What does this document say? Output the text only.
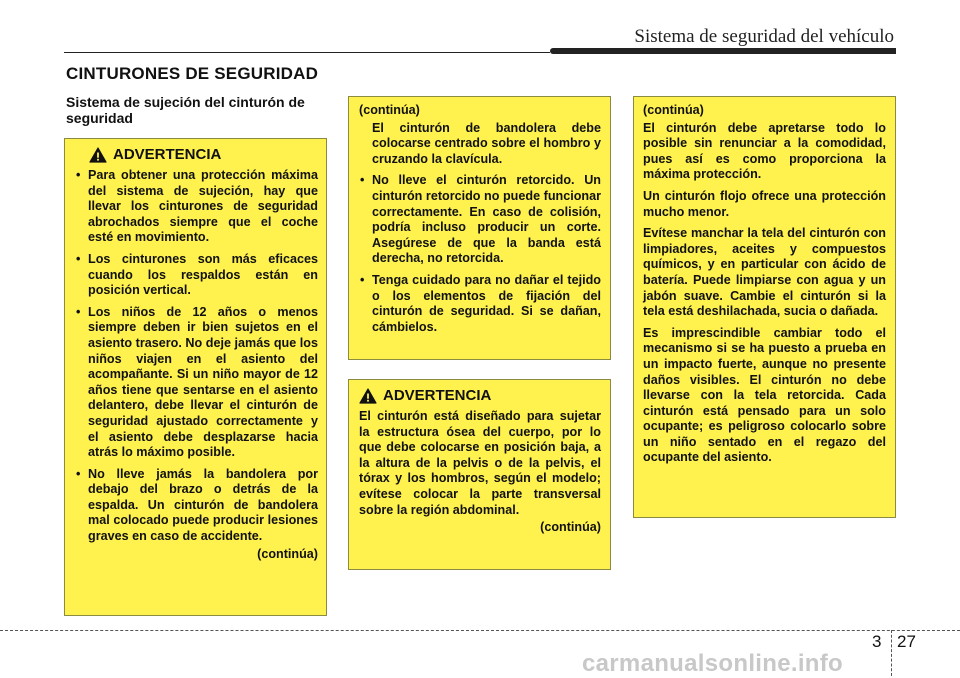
Sistema de seguridad del vehículo
CINTURONES DE SEGURIDAD
Sistema de sujeción del cinturón de seguridad
ADVERTENCIA
• Para obtener una protección máxima del sistema de sujeción, hay que llevar los cinturones de seguridad abrochados siempre que el coche esté en movimiento.
• Los cinturones son más eficaces cuando los respaldos están en posición vertical.
• Los niños de 12 años o menos siempre deben ir bien sujetos en el asiento trasero. No deje jamás que los niños viajen en el asiento del acompañante. Si un niño mayor de 12 años tiene que sentarse en el asiento delantero, debe llevar el cinturón de seguridad ajustado correctamente y el asiento debe desplazarse hacia atrás lo máximo posible.
• No lleve jamás la bandolera por debajo del brazo o detrás de la espalda. Un cinturón de bandolera mal colocado puede producir lesiones graves en caso de accidente.

(continúa)

(continúa)

El cinturón de bandolera debe colocarse centrado sobre el hombro y cruzando la clavícula.

• No lleve el cinturón retorcido. Un cinturón retorcido no puede funcionar correctamente. En caso de colisión, podría incluso producir un corte. Asegúrese de que la banda está derecha, no retorcida.
• Tenga cuidado para no dañar el tejido o los elementos de fijación del cinturón de seguridad. Si se dañan, cámbielos.
ADVERTENCIA

El cinturón está diseñado para sujetar la estructura ósea del cuerpo, por lo que debe colocarse en posición baja, a la altura de la pelvis o de la pelvis, el tórax y los hombros, según el modelo; evítese colocar la parte transversal sobre la región abdominal.

(continúa)

(continúa)

El cinturón debe apretarse todo lo posible sin renunciar a la comodidad, pues así es como proporciona la máxima protección.

Un cinturón flojo ofrece una protección mucho menor.

Evítese manchar la tela del cinturón con limpiadores, aceites y compuestos químicos, y en particular con ácido de batería. Puede limpiarse con agua y un jabón suave. Cambie el cinturón si la tela está deshilachada, sucia o dañada.

Es imprescindible cambiar todo el mecanismo si se ha puesto a prueba en un impacto fuerte, aunque no presente daños visibles. El cinturón no debe llevarse con la tela retorcida. Cada cinturón está pensado para un solo ocupante; es peligroso colocarlo sobre un niño sentado en el regazo del ocupante del asiento.

3 27
carmanualsonline.info
